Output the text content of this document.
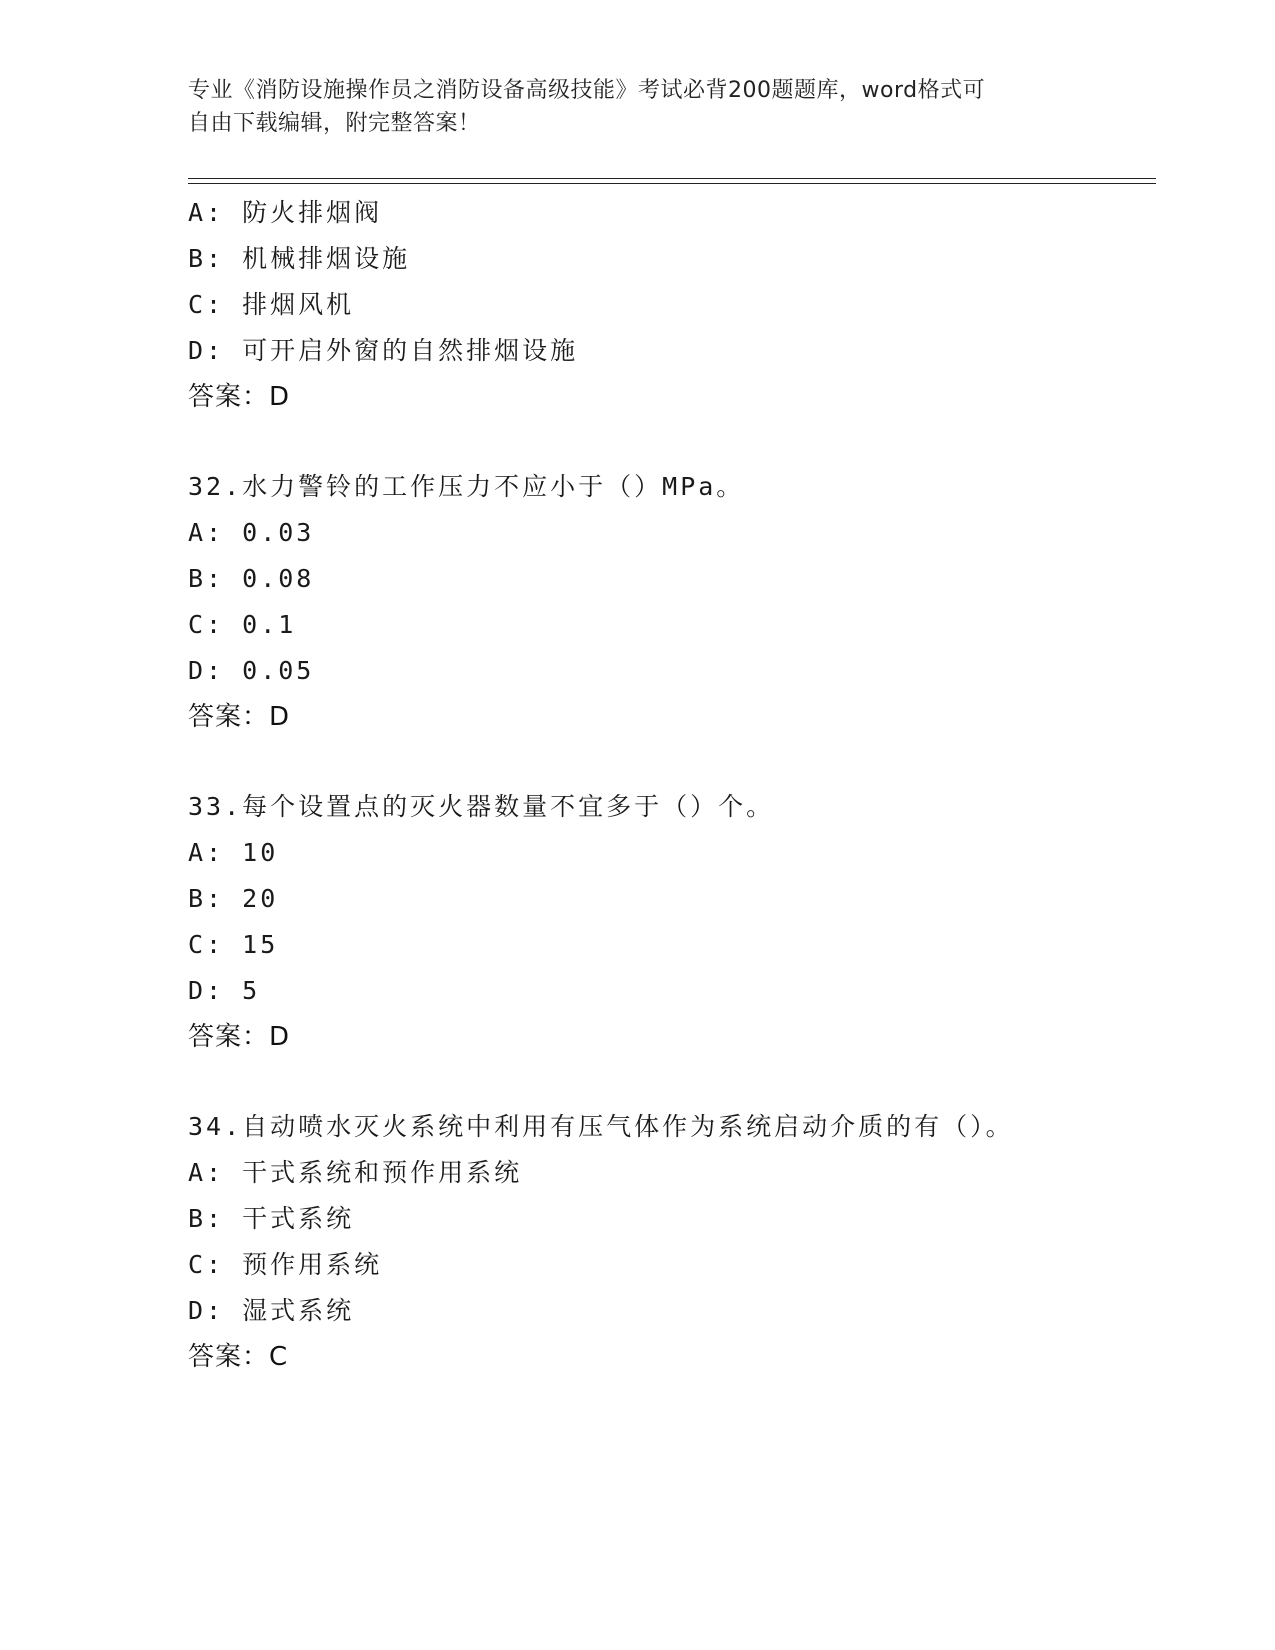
专业《消防设施操作员之消防设备高级技能》考试必背200题题库，word格式可
自由下载编辑，附完整答案！
A: 防火排烟阀
B: 机械排烟设施
C: 排烟风机
D: 可开启外窗的自然排烟设施
答案：D
32.水力警铃的工作压力不应小于（）MPa。
A: 0.03
B: 0.08
C: 0.1
D: 0.05
答案：D
33.每个设置点的灭火器数量不宜多于（）个。
A: 10
B: 20
C: 15
D: 5
答案：D
34.自动喷水灭火系统中利用有压气体作为系统启动介质的有（）。
A: 干式系统和预作用系统
B: 干式系统
C: 预作用系统
D: 湿式系统
答案：C
